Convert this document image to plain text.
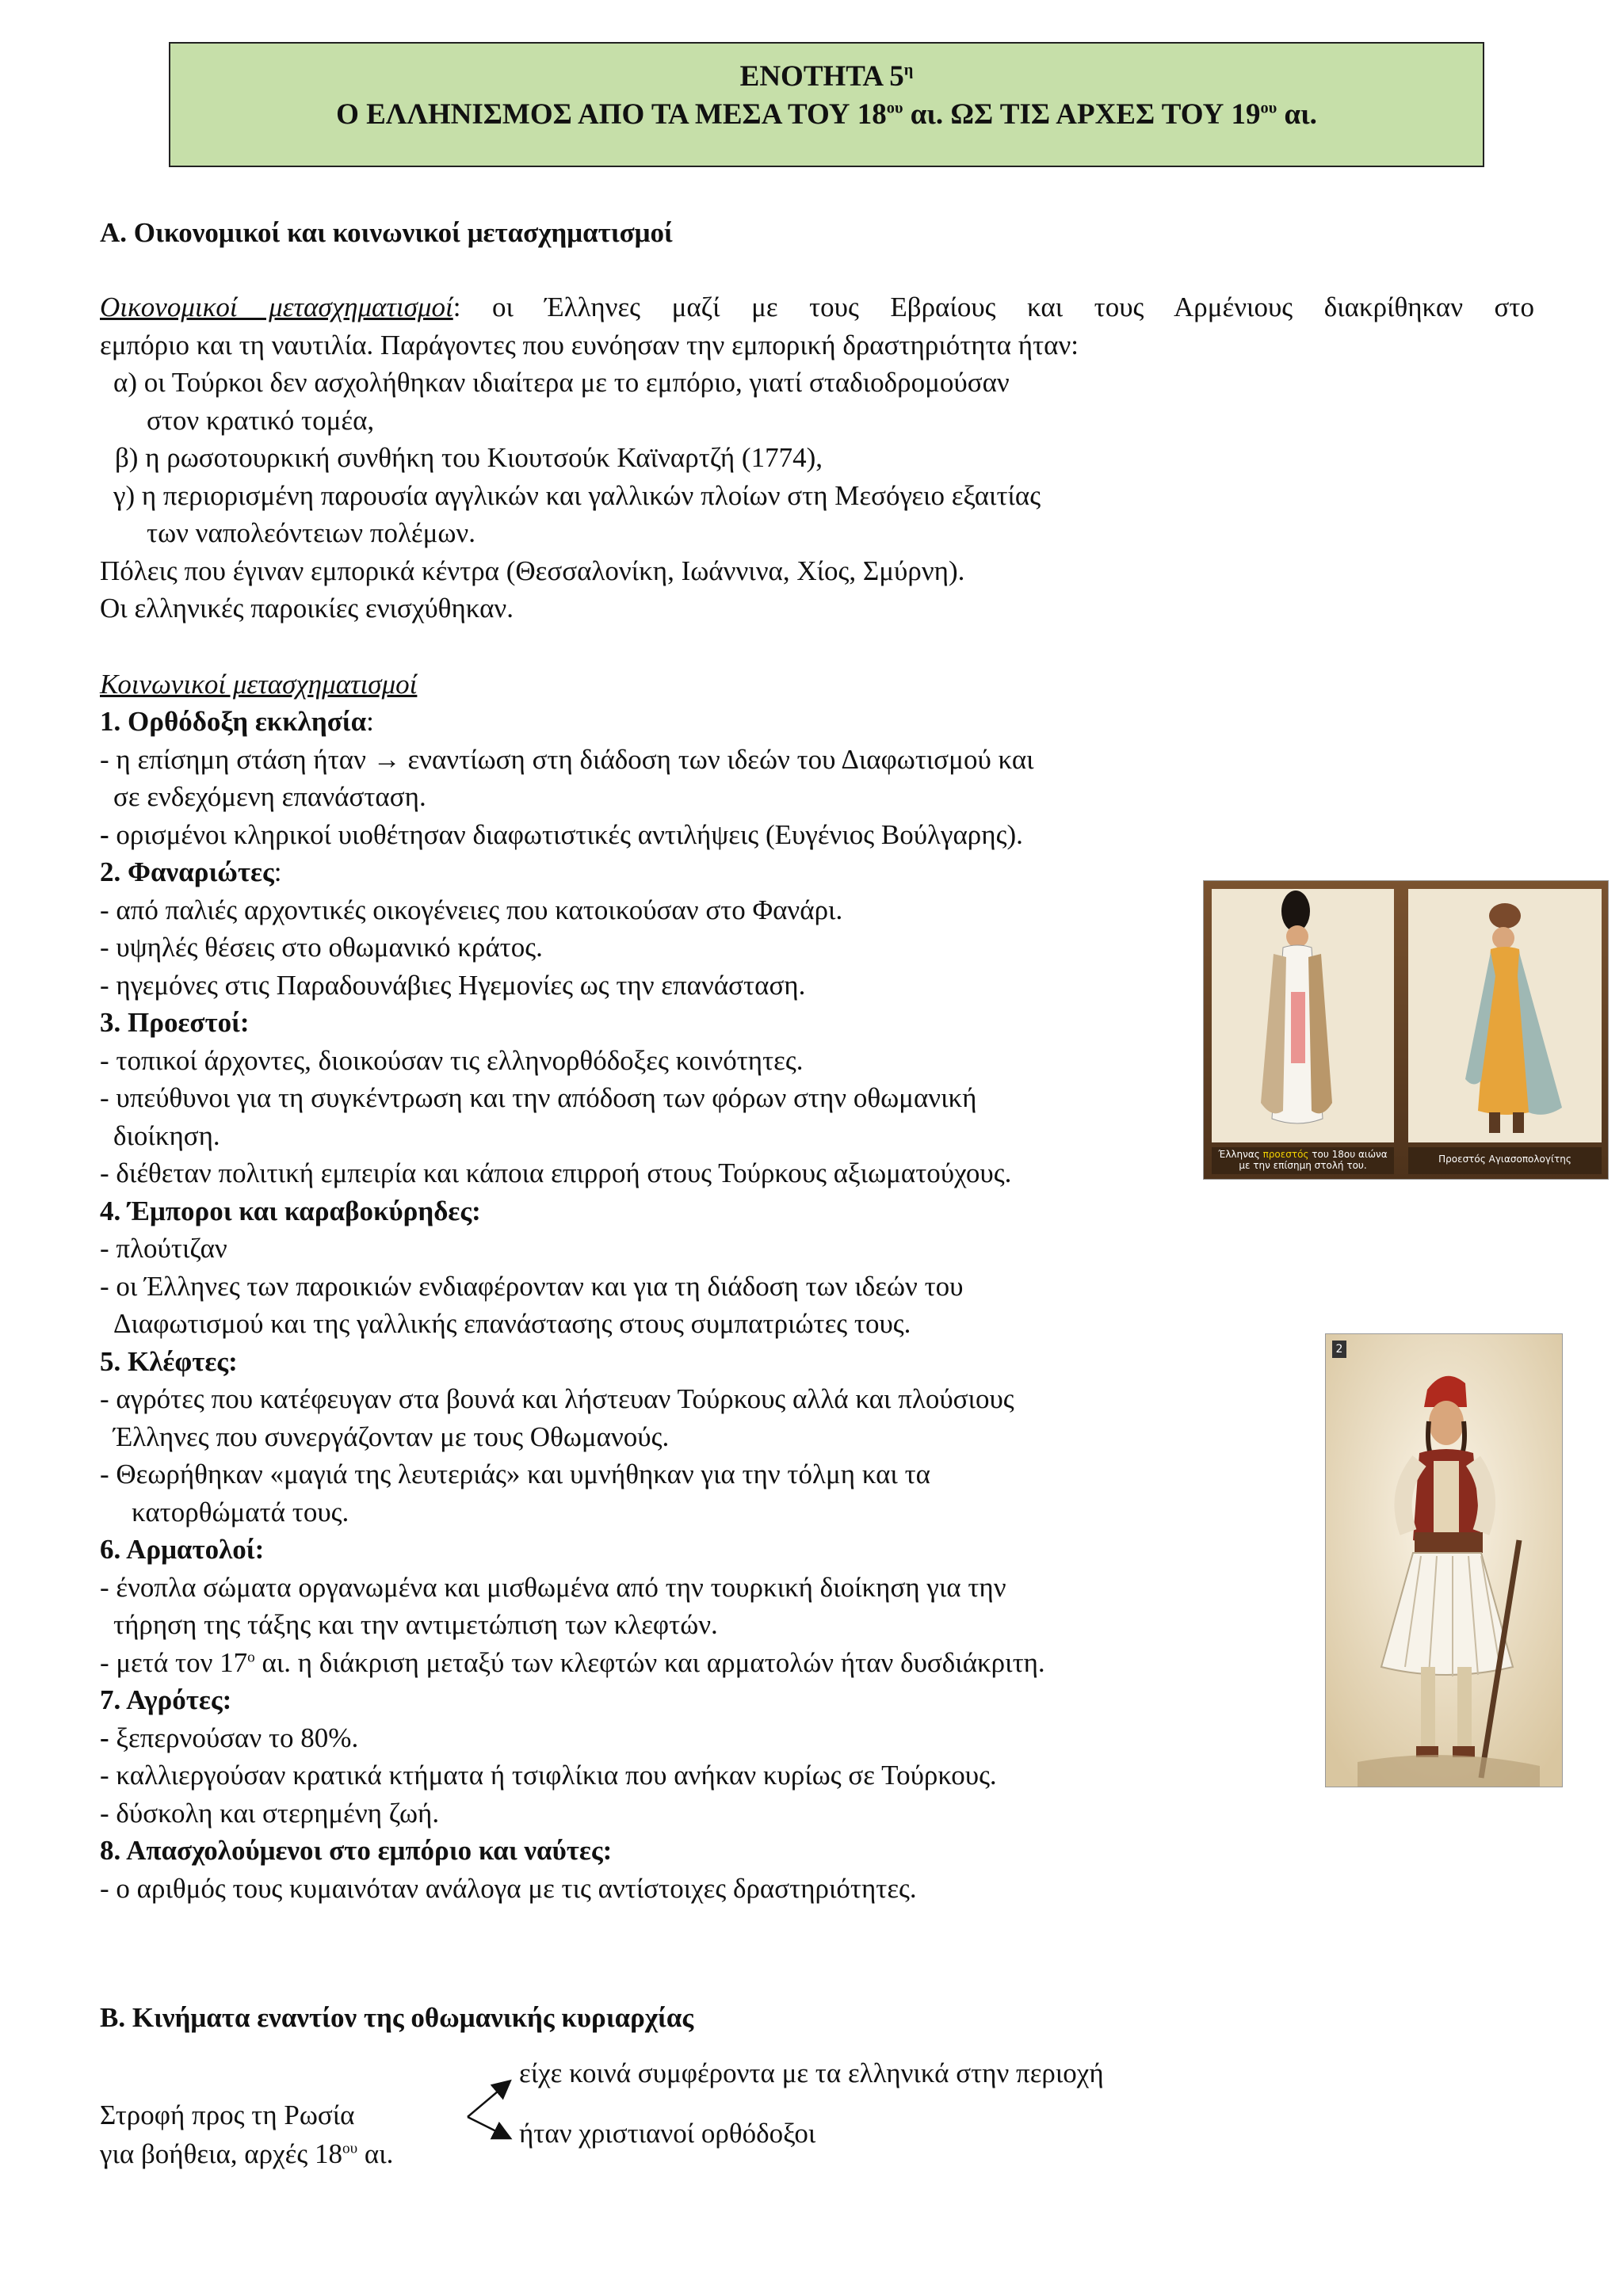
ΕΝΟΤΗΤΑ $5^\eta$
Ο ΕΛΛΗΝΙΣΜΟΣ ΑΠΟ ΤΑ ΜΕΣΑ ΤΟΥ $18^{o\upsilon}$ αι. ΩΣ ΤΙΣ ΑΡΧΕΣ ΤΟΥ $19^{o\upsilon}$ αι.
Α. Οικονομικοί και κοινωνικοί μετασχηματισμοί
Οικονομικοί μετασχηματισμοί: οι Έλληνες μαζί με τους Εβραίους και τους Αρμένιους διακρίθηκαν στο
εμπόριο και τη ναυτιλία. Παράγοντες που ευνόησαν την εμπορική δραστηριότητα ήταν:
α) οι Τούρκοι δεν ασχολήθηκαν ιδιαίτερα με το εμπόριο, γιατί σταδιοδρομούσαν
στον κρατικό τομέα,
β) η ρωσοτουρκική συνθήκη του Κιουτσούκ Καϊναρτζή (1774),
γ) η περιορισμένη παρουσία αγγλικών και γαλλικών πλοίων στη Μεσόγειο εξαιτίας
των ναπολεόντειων πολέμων.
Πόλεις που έγιναν εμπορικά κέντρα (Θεσσαλονίκη, Ιωάννινα, Χίος, Σμύρνη).
Οι ελληνικές παροικίες ενισχύθηκαν.
Κοινωνικοί μετασχηματισμοί
1. Ορθόδοξη εκκλησία:
- η επίσημη στάση ήταν → εναντίωση στη διάδοση των ιδεών του Διαφωτισμού και
σε ενδεχόμενη επανάσταση.
- ορισμένοι κληρικοί υιοθέτησαν διαφωτιστικές αντιλήψεις (Ευγένιος Βούλγαρης).
2. Φαναριώτες:
- από παλιές αρχοντικές οικογένειες που κατοικούσαν στο Φανάρι.
- υψηλές θέσεις στο οθωμανικό κράτος.
- ηγεμόνες στις Παραδουνάβιες Ηγεμονίες ως την επανάσταση.
3. Προεστοί:
- τοπικοί άρχοντες, διοικούσαν τις ελληνορθόδοξες κοινότητες.
- υπεύθυνοι για τη συγκέντρωση και την απόδοση των φόρων στην οθωμανική
διοίκηση.
- διέθεταν πολιτική εμπειρία και κάποια επιρροή στους Τούρκους αξιωματούχους.
4. Έμποροι και καραβοκύρηδες:
- πλούτιζαν
- οι Έλληνες των παροικιών ενδιαφέρονταν και για τη διάδοση των ιδεών του
Διαφωτισμού και της γαλλικής επανάστασης στους συμπατριώτες τους.
5. Κλέφτες:
- αγρότες που κατέφευγαν στα βουνά και λήστευαν Τούρκους αλλά και πλούσιους
Έλληνες που συνεργάζονταν με τους Οθωμανούς.
- Θεωρήθηκαν «μαγιά της λευτεριάς» και υμνήθηκαν για την τόλμη και τα
κατορθώματά τους.
6. Αρματολοί:
- ένοπλα σώματα οργανωμένα και μισθωμένα από την τουρκική διοίκηση για την
τήρηση της τάξης και την αντιμετώπιση των κλεφτών.
- μετά τον $17^o$ αι. η διάκριση μεταξύ των κλεφτών και αρματολών ήταν δυσδιάκριτη.
7. Αγρότες:
- ξεπερνούσαν το 80%.
- καλλιεργούσαν κρατικά κτήματα ή τσιφλίκια που ανήκαν κυρίως σε Τούρκους.
- δύσκολη και στερημένη ζωή.
8. Απασχολούμενοι στο εμπόριο και ναύτες:
- ο αριθμός τους κυμαινόταν ανάλογα με τις αντίστοιχες δραστηριότητες.
Έλληνας προεστός του 18ου αιώνα
με την επίσημη στολή του.
Προεστός Αγιασοπολογίτης
2
Β. Κινήματα εναντίον της οθωμανικής κυριαρχίας
είχε κοινά συμφέροντα με τα ελληνικά στην περιοχή
Στροφή προς τη Ρωσία
για βοήθεια, αρχές $18^{o\upsilon}$ αι.
ήταν χριστιανοί ορθόδοξοι
